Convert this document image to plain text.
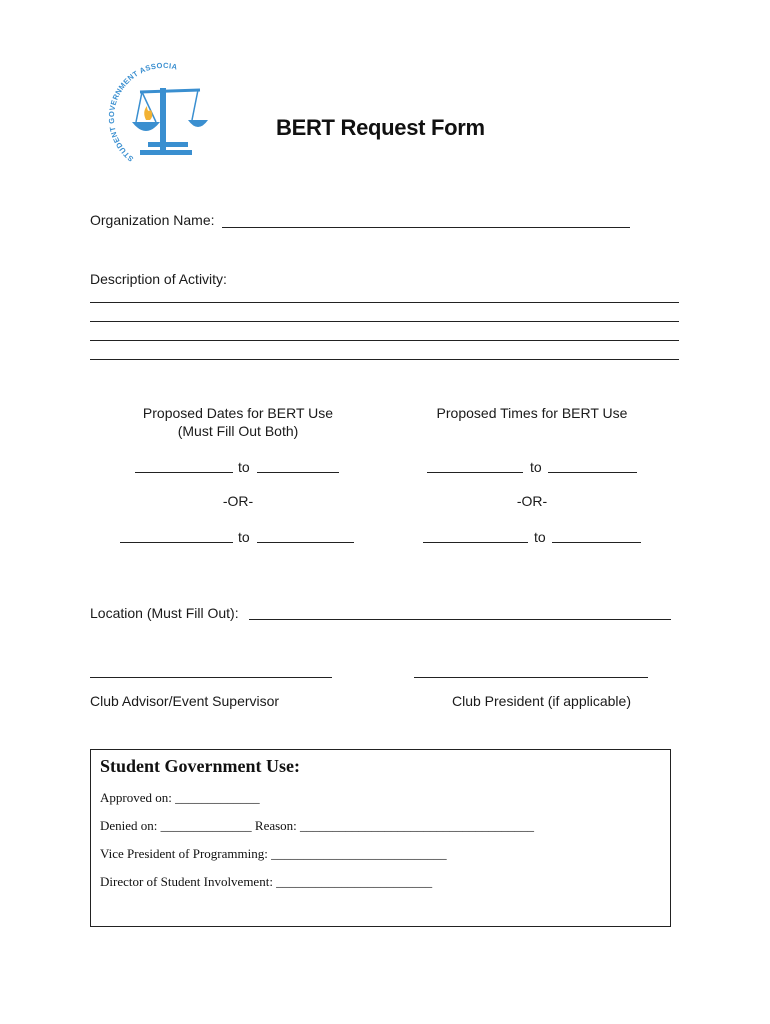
STUDENT GOVERNMENT ASSOCIA
BERT Request Form
Organization Name:
Description of Activity:
Proposed Dates for BERT Use
(Must Fill Out Both)
Proposed Times for BERT Use
to	to
-OR-	-OR-
to	to
Location (Must Fill Out):
Club Advisor/Event Supervisor	Club President (if applicable)
Student Government Use:
Approved on: _____________
Denied on: ______________ Reason: ____________________________________
Vice President of Programming: ___________________________
Director of Student Involvement: ________________________
